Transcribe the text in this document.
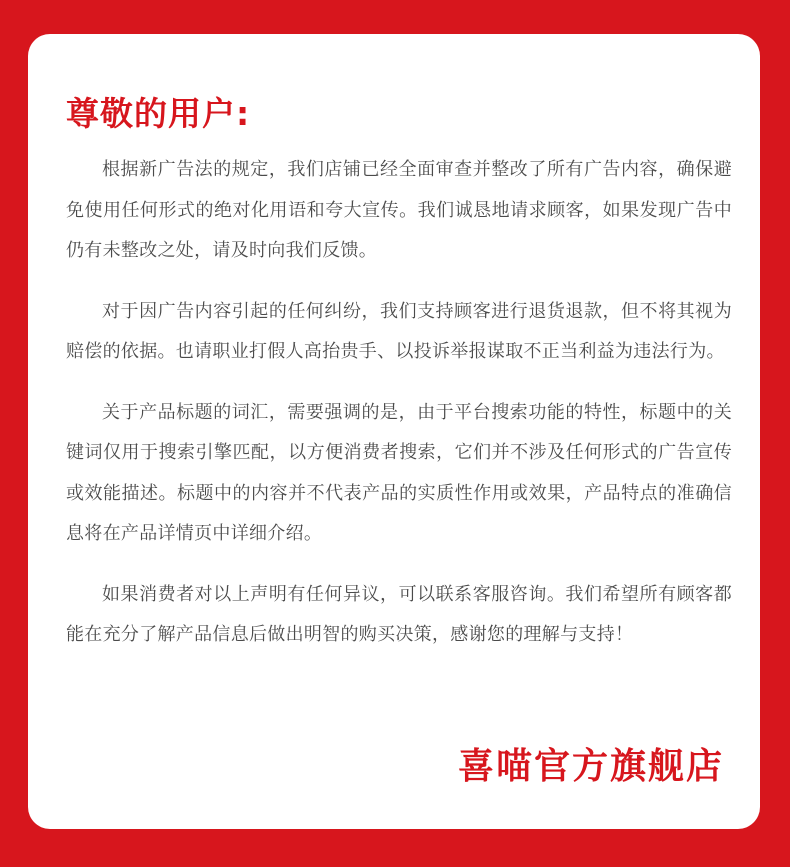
尊敬的用户:

根据新广告法的规定，我们店铺已经全面审查并整改了所有广告内容，确保避免使用任何形式的绝对化用语和夸大宣传。我们诚恳地请求顾客，如果发现广告中仍有未整改之处，请及时向我们反馈。

对于因广告内容引起的任何纠纷，我们支持顾客进行退货退款，但不将其视为赔偿的依据。也请职业打假人高抬贵手、以投诉举报谋取不正当利益为违法行为。

关于产品标题的词汇，需要强调的是，由于平台搜索功能的特性，标题中的关键词仅用于搜索引擎匹配，以方便消费者搜索，它们并不涉及任何形式的广告宣传或效能描述。标题中的内容并不代表产品的实质性作用或效果，产品特点的准确信息将在产品详情页中详细介绍。

如果消费者对以上声明有任何异议，可以联系客服咨询。我们希望所有顾客都能在充分了解产品信息后做出明智的购买决策，感谢您的理解与支持！

喜喵官方旗舰店
